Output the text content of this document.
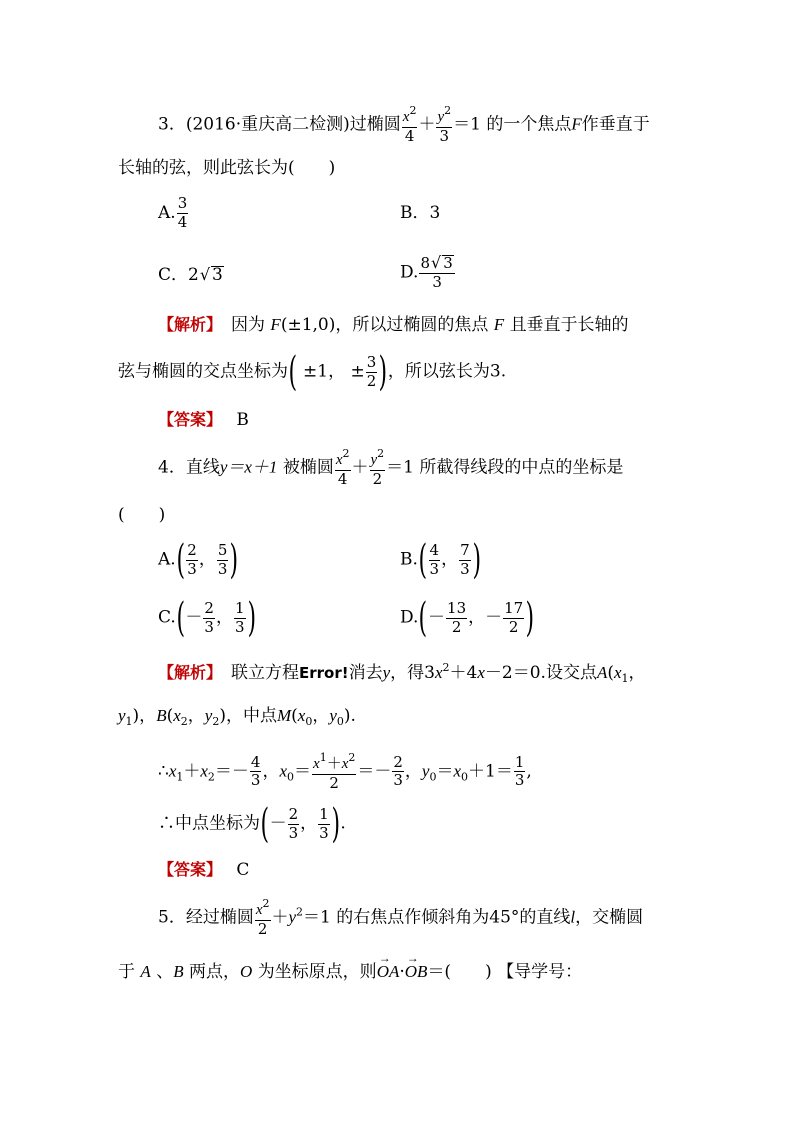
3．(2016·重庆高二检测)过椭圆 $\frac{x^2}{4} + \frac{y^2}{3} =1$ 的一个焦点F作垂直于
长轴的弦，则此弦长为(　　)
A. $\frac{3}{4}$	B．3
C．2√ 3	D. $\frac{8√ 3}{3}$
【解析】　 因为 F(±1,0)，所以过椭圆的焦点 F 且垂直于长轴的
弦与椭圆的交点坐标为( ±1， ± $\frac{3}{2}$ )，所以弦长为3.
【答案】　 B
4．直线y＝x＋1 被椭圆 $\frac{x^2}{4} + \frac{y^2}{2} =1$ 所截得线段的中点的坐标是
(　　)
$A.( \frac{2}{3}$ ， $\frac{5}{3}$ )	$B.( \frac{4}{3}$ ， $\frac{7}{3}$ )
$C.(- \frac{2}{3}$ ， $\frac{1}{3}$ )	$D.(- \frac{13}{2}$ ，－ $\frac{17}{2}$ )
【解析】　 联立方程Error!消去y，得$3x^2+4x-2=0$.设交点$A(x_1$，
$y_1$)，$B(x_2$，$y_2$)，中点$M(x_0$，$y_0$).
$\therefore x_1+x_2=- \frac{4}{3}$ ，$x_0= \frac{x^1+x^2}{2} =- \frac{2}{3}$ ，$y_0=x_0+1= \frac{1}{3}$ ,
∴中点坐标为(－ $\frac{2}{3}$ ， $\frac{1}{3}$ ).
【答案】　 C
5．经过椭圆 $\frac{x^2}{2} +y^2=1$ 的右焦点作倾斜角为45°的直线l，交椭圆
于 A 、B 两点，O 为坐标原点，则→ OA·→ OB＝(　　) 【导学号：
